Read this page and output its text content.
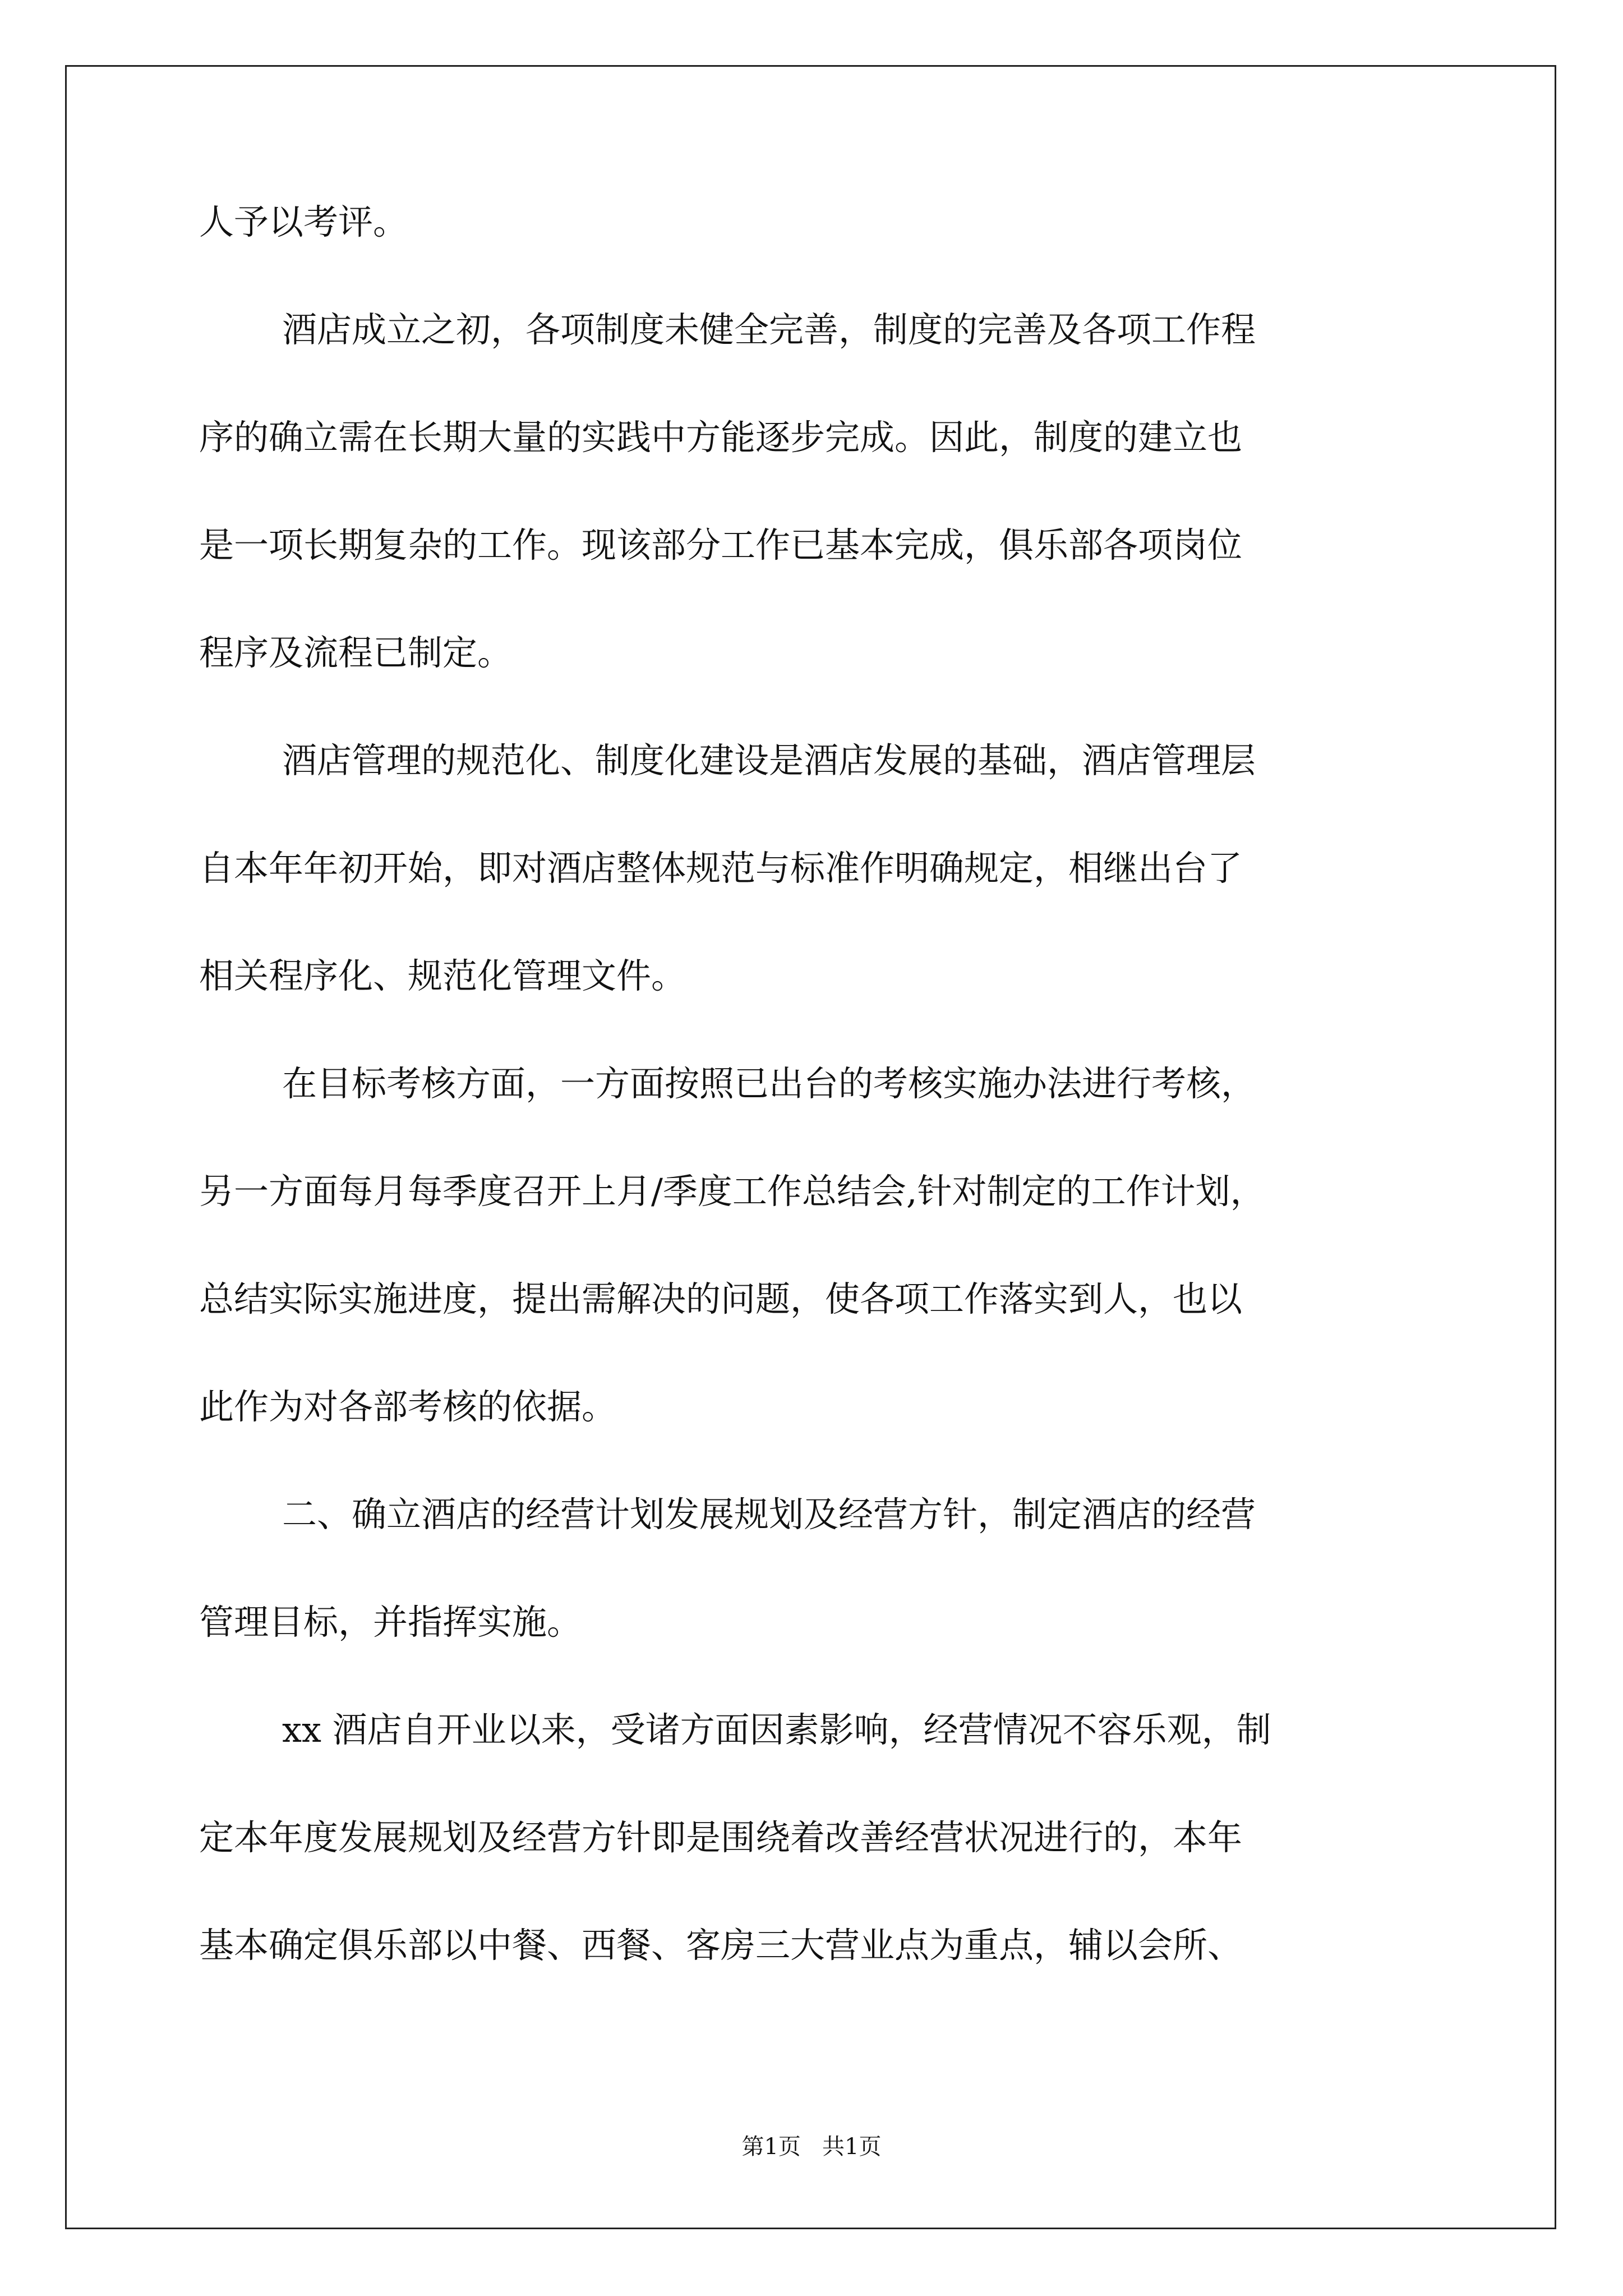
人予以考评。
酒店成立之初，各项制度未健全完善，制度的完善及各项工作程
序的确立需在长期大量的实践中方能逐步完成。因此，制度的建立也
是一项长期复杂的工作。现该部分工作已基本完成，俱乐部各项岗位
程序及流程已制定。
酒店管理的规范化、制度化建设是酒店发展的基础，酒店管理层
自本年年初开始，即对酒店整体规范与标准作明确规定，相继出台了
相关程序化、规范化管理文件。
在目标考核方面，一方面按照已出台的考核实施办法进行考核，
另一方面每月每季度召开上月/季度工作总结会,针对制定的工作计划，
总结实际实施进度，提出需解决的问题，使各项工作落实到人，也以
此作为对各部考核的依据。
二、确立酒店的经营计划发展规划及经营方针，制定酒店的经营
管理目标，并指挥实施。
xx 酒店自开业以来，受诸方面因素影响，经营情况不容乐观，制
定本年度发展规划及经营方针即是围绕着改善经营状况进行的，本年
基本确定俱乐部以中餐、西餐、客房三大营业点为重点，辅以会所、
第1页   共1页
